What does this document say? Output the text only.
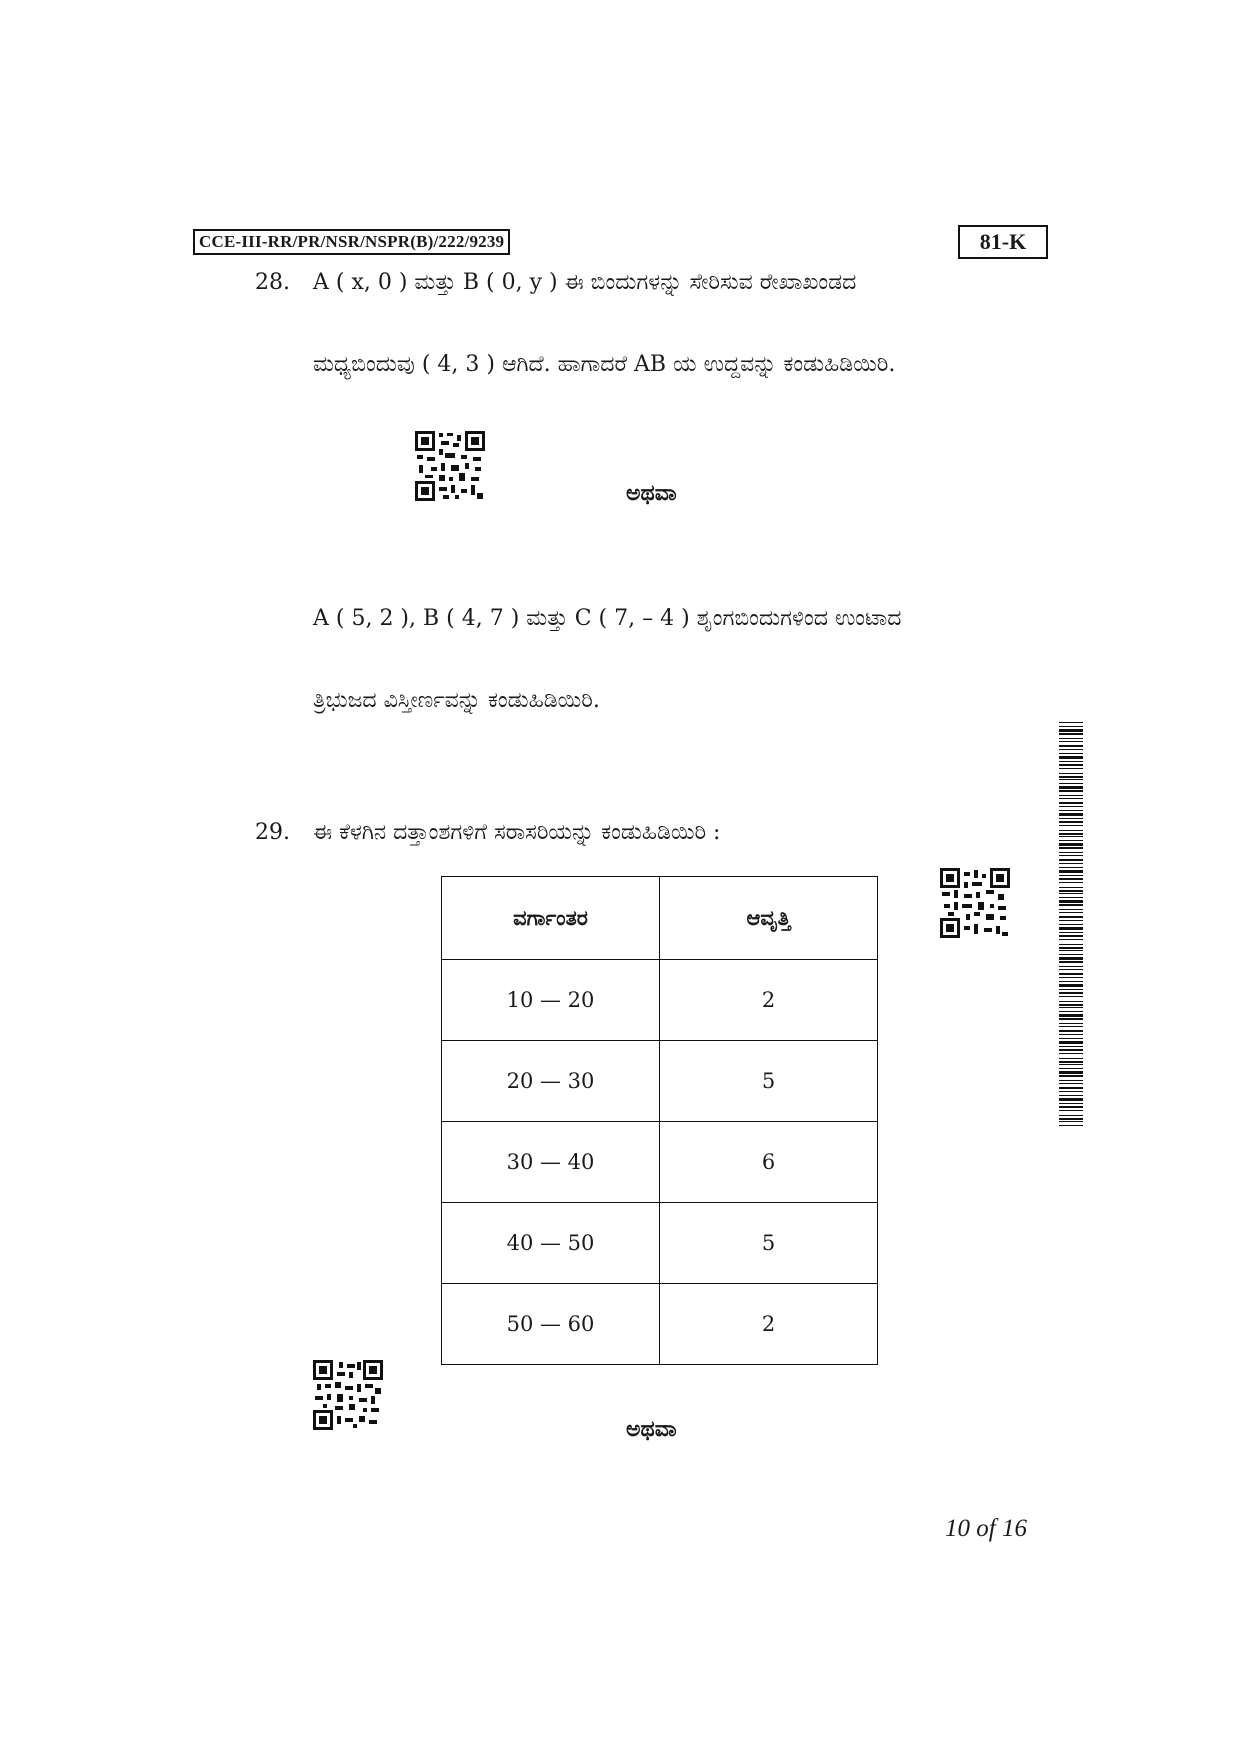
CCE-III-RR/PR/NSR/NSPR(B)/222/9239	81-K
28. A ( x, 0 ) ಮತ್ತು B ( 0, y ) ಈ ಬಿಂದುಗಳನ್ನು ಸೇರಿಸುವ ರೇಖಾಖಂಡದ
ಮಧ್ಯಬಿಂದುವು ( 4, 3 ) ಆಗಿದೆ. ಹಾಗಾದರೆ AB ಯ ಉದ್ದವನ್ನು ಕಂಡುಹಿಡಿಯಿರಿ.
ಅಥವಾ
A ( 5, 2 ), B ( 4, 7 ) ಮತ್ತು C ( 7, – 4 ) ಶೃಂಗಬಿಂದುಗಳಿಂದ ಉಂಟಾದ
ತ್ರಿಭುಜದ ವಿಸ್ತೀರ್ಣವನ್ನು ಕಂಡುಹಿಡಿಯಿರಿ.
29. ಈ ಕೆಳಗಿನ ದತ್ತಾಂಶಗಳಿಗೆ ಸರಾಸರಿಯನ್ನು ಕಂಡುಹಿಡಿಯಿರಿ :
ವರ್ಗಾಂತರ	ಆವೃತ್ತಿ
10 — 20	2
20 — 30	5
30 — 40	6
40 — 50	5
50 — 60	2
ಅಥವಾ
10 of 16
